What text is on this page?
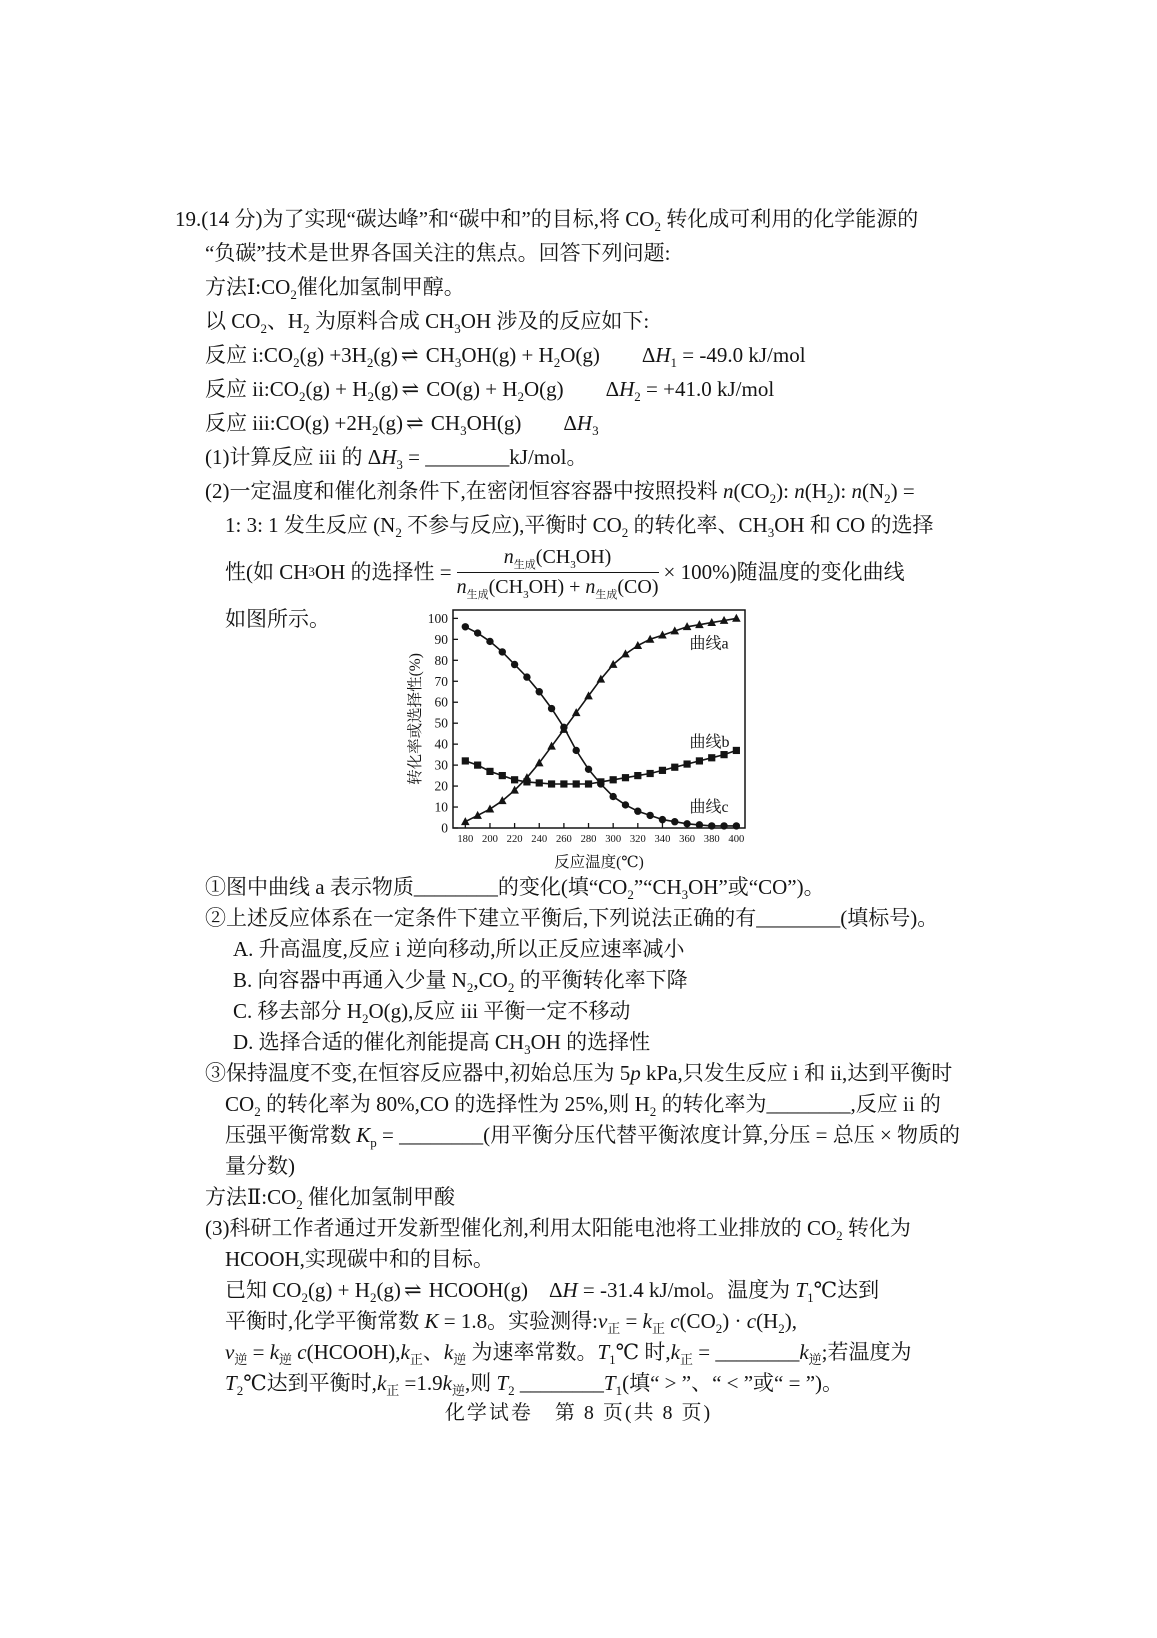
19.(14 分)为了实现“碳达峰”和“碳中和”的目标,将 $CO_2$ 转化成可利用的化学能源的
“负碳”技术是世界各国关注的焦点。回答下列问题:
方法$Ⅰ:CO_2$催化加氢制甲醇。
以 $CO_2$、$H_2$ 为原料合成 $CH_3OH$ 涉及的反应如下:
反应 $i:CO_2(g) +3H_2(g)$ ⇌ $CH_3OH(g) + H_2O(g)$  $\Delta H_1 = -49.0$ kJ/mol
反应 $ii:CO_2(g) + H_2(g)$ ⇌ $CO(g) + H_2O(g)$  $\Delta H_2 = +41.0$ kJ/mol
反应 iii:CO(g) $+2H_2(g)$ ⇌ $CH_3OH(g)$  $\Delta H_3$
(1)计算反应 iii 的 $\Delta H_3$ = ________kJ/mol。
(2)一定温度和催化剂条件下,在密闭恒容容器中按照投料 $n(CO_2)$: $n(H_2)$: $n(N_2)$ =
1: 3: 1 发生反应 ($N_2$ 不参与反应),平衡时 $CO_2$ 的转化率、$CH_3OH$ 和 CO 的选择
性(如 CH 3 OH 的选择性 = $\frac{n_{生成}(CH_3OH)}{n_{生成}(CH_3OH) + n_{生成}(CO)} \times 100\%$)随温度的变化曲线
如图所示。
0
10
20
30
40
50
60
70
80
90
100
180 200 220 240 260 280 300 320 340 360 380 400
曲线a
曲线b
曲线c
转化率或选择性(%)
反应温度(℃)
①图中曲线 a 表示物质________的变化(填“$CO_2”“CH_3OH$”或“CO”)。
②上述反应体系在一定条件下建立平衡后,下列说法正确的有________(填标号)。
A. 升高温度,反应 i 逆向移动,所以正反应速率减小
B. 向容器中再通入少量 $N_2,CO_2$ 的平衡转化率下降
C. 移去部分 $H_2O(g)$,反应 iii 平衡一定不移动
D. 选择合适的催化剂能提高 $CH_3OH$ 的选择性
③保持温度不变,在恒容反应器中,初始总压为 5p kPa,只发生反应 i 和 ii,达到平衡时
$CO_2$ 的转化率为 80%,CO 的选择性为 25%,则 $H_2$ 的转化率为________,反应 ii 的
压强平衡常数 $K_p$ = ________(用平衡分压代替平衡浓度计算,分压 = 总压 × 物质的
量分数)
方法$Ⅱ:CO_2$ 催化加氢制甲酸
(3)科研工作者通过开发新型催化剂,利用太阳能电池将工业排放的 $CO_2$ 转化为
HCOOH,实现碳中和的目标。
已知 $CO_2(g) + H_2(g)$ ⇌ HCOOH(g) ΔH = -31.4 kJ/mol。温度为 $T_1℃$达到
平衡时,化学平衡常数 K = 1.8。实验测得$:v_正 = k_正$ $c(CO_2) \cdot c(H_2)$,
$v_逆 = k_逆$ $c(HCOOH),k_正$、$k_逆$ 为速率常数。$T_1℃$ 时$,k_正$ = $\_\_\_\_\_\_\_\_k_逆$;若温度为
$T_2℃$达到平衡时$,k_正 =1.9k_逆$,则 $T_2$ $\_\_\_\_\_\_\_\_T_1$(填“ > ”、“ < ”或“ = ”)。
化学试卷　第 8 页(共 8 页)
